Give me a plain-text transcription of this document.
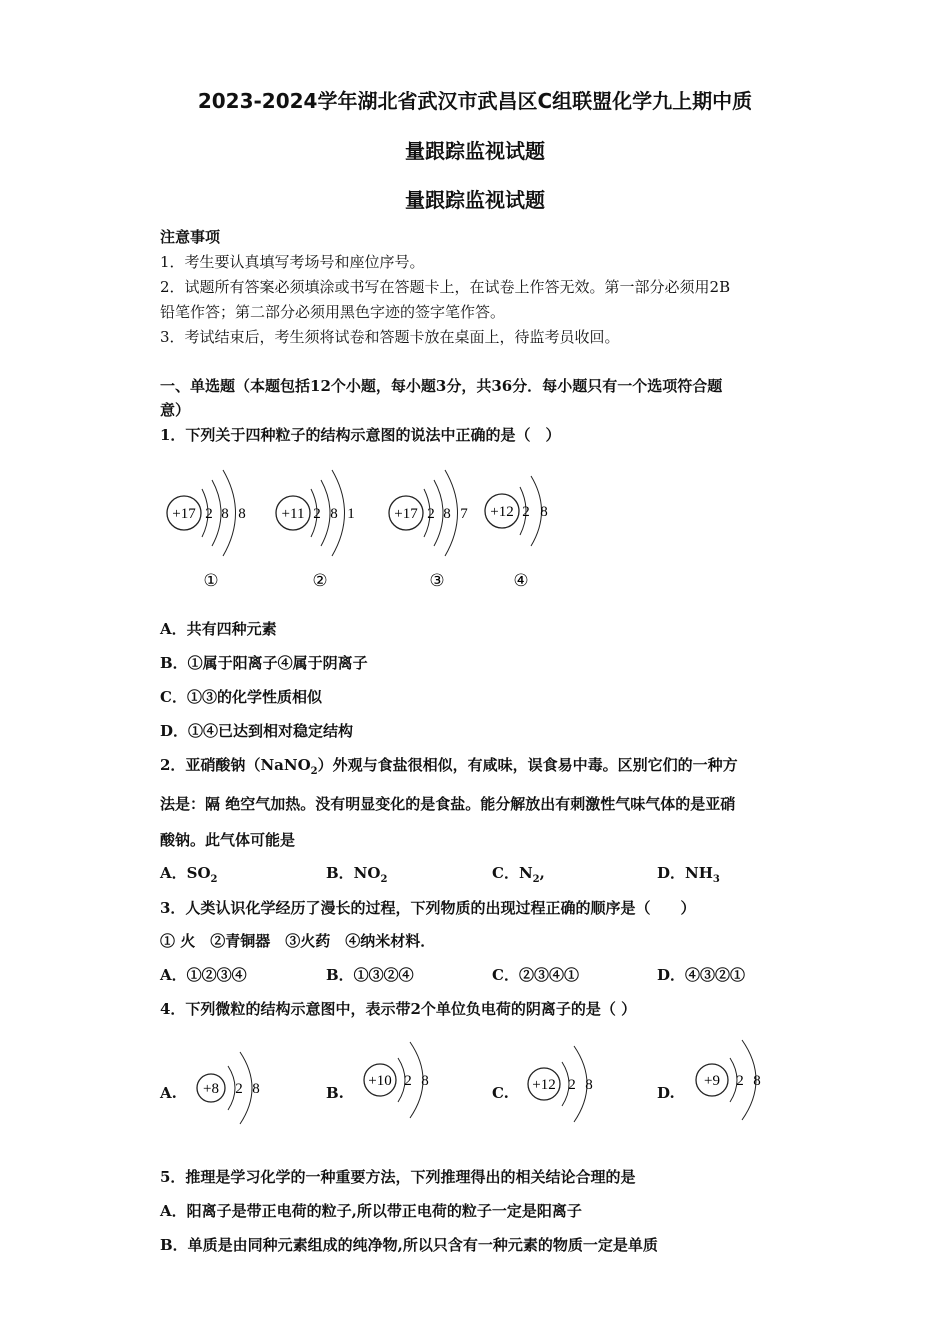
2023-2024学年湖北省武汉市武昌区C组联盟化学九上期中质
量跟踪监视试题
量跟踪监视试题
注意事项
1．考生要认真填写考场号和座位序号。
2．试题所有答案必须填涂或书写在答题卡上，在试卷上作答无效。第一部分必须用2B
铅笔作答；第二部分必须用黑色字迹的签字笔作答。
3．考试结束后，考生须将试卷和答题卡放在桌面上，待监考员收回。
一、单选题（本题包括12个小题，每小题3分，共36分．每小题只有一个选项符合题
意）
1．下列关于四种粒子的结构示意图的说法中正确的是（　）
+17 2 8 8 +11 2 8 1	+17 2 8 7 +12 2 8
①	②	③	④
A．共有四种元素
B．①属于阳离子④属于阴离子
C．①③的化学性质相似
D．①④已达到相对稳定结构
2．亚硝酸钠（NaNO$_2$）外观与食盐很相似，有咸味，误食易中毒。区别它们的一种方
法是：隔 绝空气加热。没有明显变化的是食盐。能分解放出有刺激性气味气体的是亚硝
酸钠。此气体可能是
A．$SO_2$	B．$NO_2$	C．$N_2$,	D．$NH_3$
3．人类认识化学经历了漫长的过程，下列物质的出现过程正确的顺序是（　　）
① 火　②青铜器　③火药　④纳米材料．
A．①②③④	B．①③②④	C．②③④①	D．④③②①
4．下列微粒的结构示意图中，表示带2个单位负电荷的阴离子的是（ ）
A. +8 2 8	B.
+10 2 8
C. +12 2 8	D.
+9 2 8
5．推理是学习化学的一种重要方法，下列推理得出的相关结论合理的是
A．阳离子是带正电荷的粒子,所以带正电荷的粒子一定是阳离子
B．单质是由同种元素组成的纯净物,所以只含有一种元素的物质一定是单质
